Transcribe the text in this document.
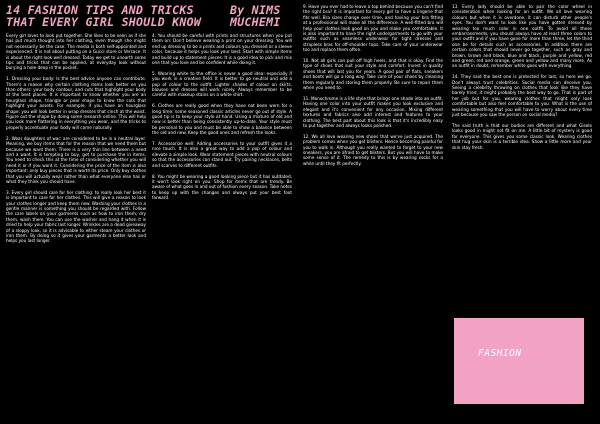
14 FASHION TIPS AND TRICKS THAT EVERY GIRL SHOULD KNOW
By NIMS MUCHEMI

Every girl loves to look put together. She likes to be seen as if she has put much thought into her clothing, even though she might not necessarily be the case. The media is both self-appointed and experienced. It is not about putting on a Gucci store or Versace. It is about the right look well dressed. Today we get to unearth some tips and tricks that can be applied, at everyday look without burying a hole deep in the pocket.

1. Dressing your body: Is the best advice anyone can contribute. There's a reason why certain clothing items look better on you than others: your body contour, and cuts that highlight your body at the best places. It is important to know whether you are an hourglass shape, triangle or pear shape to know the cuts that highlight your assets. For example, if you have an hourglass shape, you will look better in wrap dresses that cinch at the waist. Figure out the shape by doing some research online. This will help you look more flattering in everything you wear, and the tricks to properly accentuate your body will come naturally.

2. Wear daughters of war: are considered to be in a neutral layer. Meaning, we buy items that for the reason that we need them but because we want them. There is a very thin line between a need and a want. It is tempting to buy, get to purchase the in items. You need to check this at the time of considering whether you will need it or if you want it. Considering the price of the item is also important: only buy pieces that is worth its price. Only buy clothes that you will actually wear rather than what everyone else has or what they think you should have.

3. Every girl should care for her clothing: to really look her best it is important to care for her clothes. This will give a reason to look your clothes longer and keep them new. Washing your clothes in a gentle manner is something you should be regarded with. Follow the care labels on your garments such as how to iron them, dry them, wash them. You can use the washer and hang it when it is dried to help your fabric last longer. Wrinkles are a dead giveaway of a sloppy look, so it is advisable to either steam your clothes or iron them. By doing so it gives your garments a better look and helps you last longer.

4. You should be careful with prints and structures when you put them on: Don't believe wearing a print on your dressing. You will end up dressing to be a prints and colours you dressed or a sleeve color, because it helps you look your best. Start with simple items and build up to statement pieces. It is a good idea to pick and mix one that you love and be confident while doing it.

5. Wearing white to the office is never a good idea: especially if you work in a creative field. It is better to go neutral and add a pop of colour to the outfit. Lighter shades of colour on skirts, blouses and dresses will work nicely. Always remember to be careful with makeup stains on a white shirt.

6. Clothes are really good when they have not been worn for a long time: some seasoned classic articles never go out of style. A good tip is to keep your style at hand. Using a mixture of old and new is better than being consistently up-to-date. Your style must be personal to you and must be able to show a balance between the old and new. Keep the good ones and refresh the looks.

7. Accessorize well: Adding accessories to your outfit gives it a nice touch. It is also a great way to add a pop of colour and elevate a simple look. Wear statement pieces with neutral colours so that the accessories can stand out. Try pairing necklaces, belts and scarves to different outfits.

8. You might be wearing a good looking piece but it has outdated, it won't look right on you. Shop for items that are trendy. Be aware of what goes in and out of fashion every season. Take notes to keep up with the changes and always put your best foot forward.

9. Have you ever had to leave a top behind because you can't find the right bra? It is important for every girl to have a lingerie that fits well. Bra sizes change over time, and having your bra fitting at a professional will make all the difference. A well-fitted bra will help your clothes look good on you and make you comfortable. It is also important to have the right undergarments to go with your outfits such as seamless underwear for tight dresses and strapless bras for off-shoulder tops. Take care of your underwear too and replace them often.

10. Not all girls can pull off high heels, and that is okay. Find the type of shoes that suit your style and comfort. Invest in quality shoes that will last you for years. A good pair of flats, sneakers and boots will go a long way. Take care of your shoes by cleaning them regularly and storing them properly. Be sure to repair them when you need to.

11. Monochrome is a life style that brings one shade into an outfit. Having one color into your outfit makes you look exclusive and elegant and it's convenient for any occasion. Mixing different textures and fabrics also add interest and features to your clothing. The best part about this look is that it's incredibly easy to put together and always looks polished.

12. We all love wearing new shoes that we've just acquired. The problem comes when you get blisters. Hence becoming painful for you to walk in. Although you really wanted to forget to your new sneakers, you are afraid to get blisters. But you will have to make some sense of it. The remedy to this is by wearing socks for a while until they fit perfectly.

13. Every lady should be able to pair the color wheel in consideration when looking for an outfit. We all love wearing colours but when it is overdone, it can disturb other people's eyes. You don't want to look like you have gotten dressed by wearing too much color in one outfit. To avoid all these embarrassments, you should always have at least three colors to your outfit and if you have gone for more than three, let the third one be for details such as accessories. In addition there are certain colors that should never go together, such as gray and brown, brown and black, blue and black, purple and yellow, red and green, red and orange, green and yellow and many more. As an outfit in doubt, remember white goes with everything.

14. They said the best one is protected for last, so here we go. Don't always trust celebrities. Social media can deceive you. Seeing a celebrity throwing on clothes that look like they have barely tried, it might probably the best way to go. That is part of her job but for you, wearing clothes that might only look comfortable but also feel comfortable to you. What is the use of wearing something that you will have to worry about every time just because you saw the person on social media?

The said truth is that our bodies are different and what Gisele looks good in might not fit on me. A little bit of mystery is good for everyone. This gives you some classic look. Wearing clothes that hug your skin is a terrible idea. Show a little more and your skin stay fresh.

FASHION
